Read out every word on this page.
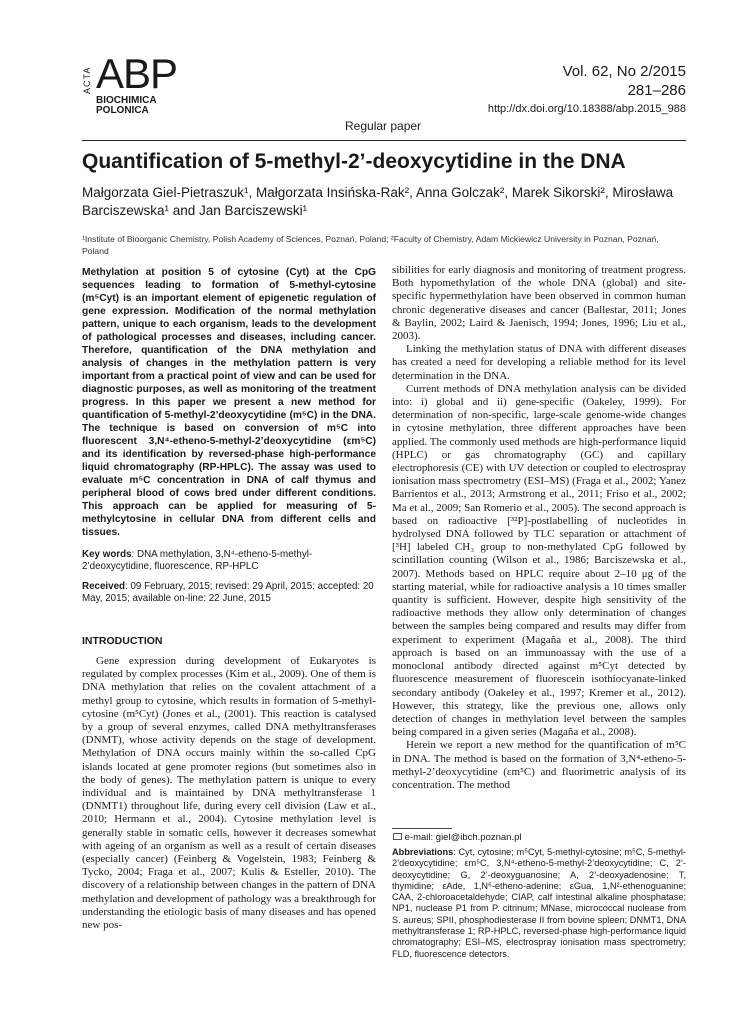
ACTA ABP
BIOCHIMICA
POLONICA
Vol. 62, No 2/2015
281–286
http://dx.doi.org/10.18388/abp.2015_988
Regular paper
Quantification of 5-methyl-2’-deoxycytidine in the DNA
Małgorzata Giel-Pietraszuk¹, Małgorzata Insińska-Rak², Anna Golczak², Marek Sikorski², Mirosława Barciszewska¹ and Jan Barciszewski¹
¹Institute of Bioorganic Chemistry, Polish Academy of Sciences, Poznań, Poland; ²Faculty of Chemistry, Adam Mickiewicz University in Poznan, Poznań, Poland

Methylation at position 5 of cytosine (Cyt) at the CpG sequences leading to formation of 5-methyl-cytosine (m⁵Cyt) is an important element of epigenetic regulation of gene expression. Modification of the normal methylation pattern, unique to each organism, leads to the development of pathological processes and diseases, including cancer. Therefore, quantification of the DNA methylation and analysis of changes in the methylation pattern is very important from a practical point of view and can be used for diagnostic purposes, as well as monitoring of the treatment progress. In this paper we present a new method for quantification of 5-methyl-2’deoxycytidine (m⁵C) in the DNA. The technique is based on conversion of m⁵C into fluorescent 3,N⁴-etheno-5-methyl-2’deoxycytidine (εm⁵C) and its identification by reversed-phase high-performance liquid chromatography (RP-HPLC). The assay was used to evaluate m⁵C concentration in DNA of calf thymus and peripheral blood of cows bred under different conditions. This approach can be applied for measuring of 5-methylcytosine in cellular DNA from different cells and tissues.

Key words: DNA methylation, 3,N⁴-etheno-5-methyl-2’deoxycytidine, fluorescence, RP-HPLC

Received: 09 February, 2015; revised: 29 April, 2015; accepted: 20 May, 2015; available on-line: 22 June, 2015

INTRODUCTION

Gene expression during development of Eukaryotes is regulated by complex processes (Kim et al., 2009). One of them is DNA methylation that relies on the covalent attachment of a methyl group to cytosine, which results in formation of 5-methyl-cytosine (m⁵Cyt) (Jones et al., (2001). This reaction is catalysed by a group of several enzymes, called DNA methyltransferases (DNMT), whose activity depends on the stage of development. Methylation of DNA occurs mainly within the so-called CpG islands located at gene promoter regions (but sometimes also in the body of genes). The methylation pattern is unique to every individual and is maintained by DNA methyltransferase 1 (DNMT1) throughout life, during every cell division (Law et al., 2010; Hermann et al., 2004). Cytosine methylation level is generally stable in somatic cells, however it decreases somewhat with ageing of an organism as well as a result of certain diseases (especially cancer) (Feinberg & Vogelstein, 1983; Feinberg & Tycko, 2004; Fraga et al., 2007; Kulis & Esteller, 2010). The discovery of a relationship between changes in the pattern of DNA methylation and development of pathology was a breakthrough for understanding the etiologic basis of many diseases and has opened new pos-

sibilities for early diagnosis and monitoring of treatment progress. Both hypomethylation of the whole DNA (global) and site-specific hypermethylation have been observed in common human chronic degenerative diseases and cancer (Ballestar, 2011; Jones & Baylin, 2002; Laird & Jaenisch, 1994; Jones, 1996; Liu et al., 2003).

Linking the methylation status of DNA with different diseases has created a need for developing a reliable method for its level determination in the DNA.

Current methods of DNA methylation analysis can be divided into: i) global and ii) gene-specific (Oakeley, 1999). For determination of non-specific, large-scale genome-wide changes in cytosine methylation, three different approaches have been applied. The commonly used methods are high-performance liquid (HPLC) or gas chromatography (GC) and capillary electrophoresis (CE) with UV detection or coupled to electrospray ionisation mass spectrometry (ESI–MS) (Fraga et al., 2002; Yanez Barrientos et al., 2013; Armstrong et al., 2011; Friso et al., 2002; Ma et al., 2009; San Romerio et al., 2005). The second approach is based on radioactive [³²P]-postlabelling of nucleotides in hydrolysed DNA followed by TLC separation or attachment of [³H] labeled CH₃ group to non-methylated CpG followed by scintillation counting (Wilson et al., 1986; Barciszewska et al., 2007). Methods based on HPLC require about 2–10 μg of the starting material, while for radioactive analysis a 10 times smaller quantity is sufficient. However, despite high sensitivity of the radioactive methods they allow only determination of changes between the samples being compared and results may differ from experiment to experiment (Magaña et al., 2008). The third approach is based on an immunoassay with the use of a monoclonal antibody directed against m⁵Cyt detected by fluorescence measurement of fluorescein isothiocyanate-linked secondary antibody (Oakeley et al., 1997; Kremer et al., 2012). However, this strategy, like the previous one, allows only detection of changes in methylation level between the samples being compared in a given series (Magaña et al., 2008).

Herein we report a new method for the quantification of m⁵C in DNA. The method is based on the formation of 3,N⁴-etheno-5-methyl-2’deoxycytidine (εm⁵C) and fluorimetric analysis of its concentration. The method

e-mail: giel@ibch.poznan.pl

Abbreviations: Cyt, cytosine; m⁵Cyt, 5-methyl-cytosine; m⁵C, 5-methyl-2’deoxycytidine; εm⁵C, 3,N⁴-etheno-5-methyl-2’deoxycytidine; C, 2’-deoxycytidine; G, 2’-deoxyguanosine; A, 2’-deoxyadenosine; T, thymidine; εAde, 1,N⁶-etheno-adenine; εGua, 1,N²-ethenoguanine; CAA, 2-chloroacetaldehyde; CIAP, calf intestinal alkaline phosphatase; NP1, nuclease P1 from P. citrinum; MNase, micrococcal nuclease from S. aureus; SPII, phosphodiesterase II from bovine spleen; DNMT1, DNA methyltransferase 1; RP-HPLC, reversed-phase high-performance liquid chromatography; ESI–MS, electrospray ionisation mass spectrometry; FLD, fluorescence detectors.
